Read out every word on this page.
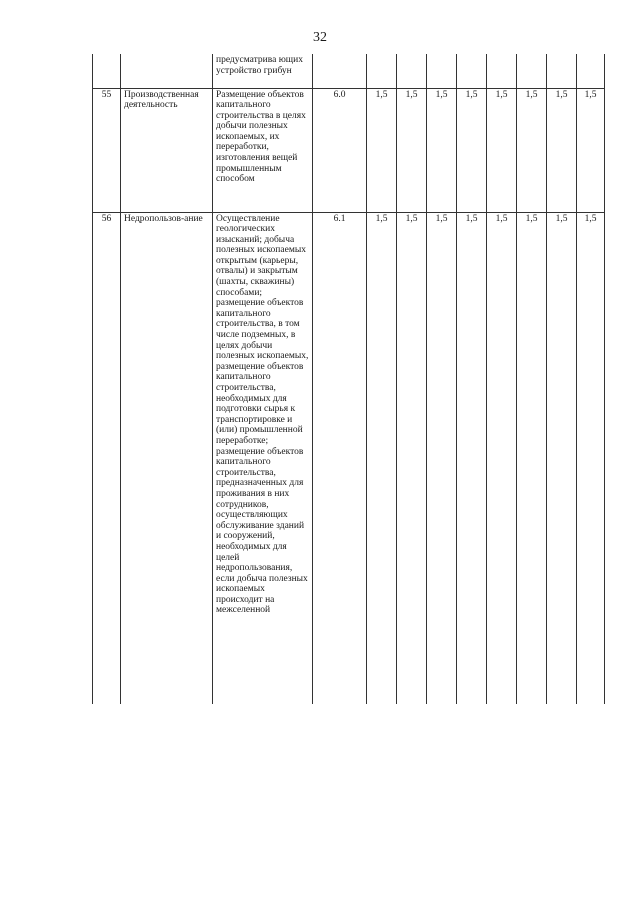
32
		предусматрива ющих устройство грибун									
55	Производственная деятельность	Размещение объектов капитального строительства в целях добычи полезных ископаемых, их переработки, изготовления вещей промышленным способом	6.0	1,5	1,5	1,5	1,5	1,5	1,5	1,5	1,5
56	Недропользов-ание	Осуществление геологических изысканий; добыча полезных ископаемых открытым (карьеры, отвалы) и закрытым (шахты, скважины) способами; размещение объектов капитального строительства, в том числе подземных, в целях добычи полезных ископаемых, размещение объектов капитального строительства, необходимых для подготовки сырья к транспортировке и (или) промышленной переработке; размещение объектов капитального строительства, предназначенных для проживания в них сотрудников, осуществляющих обслуживание зданий и сооружений, необходимых для целей недропользования, если добыча полезных ископаемых происходит на межселенной	6.1	1,5	1,5	1,5	1,5	1,5	1,5	1,5	1,5
